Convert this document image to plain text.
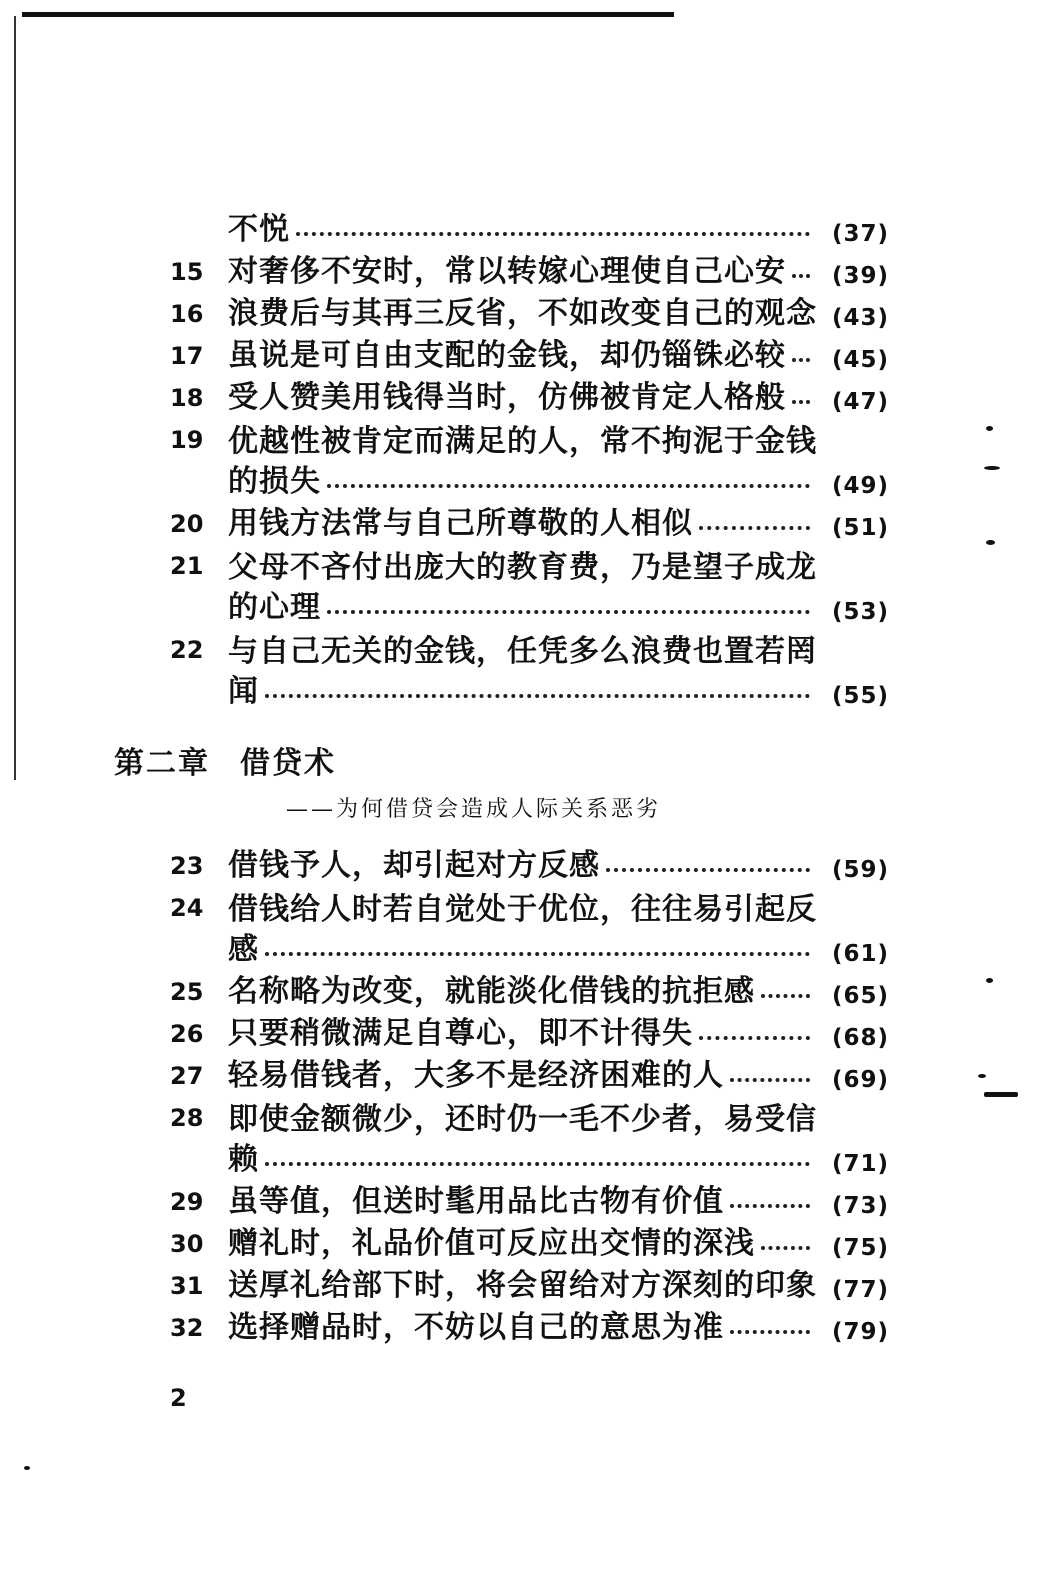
不悦	(37)
15 对奢侈不安时，常以转嫁心理使自己心安 (39)
16 浪费后与其再三反省，不如改变自己的观念 (43)
17 虽说是可自由支配的金钱，却仍锱铢必较 (45)
18 受人赞美用钱得当时，仿佛被肯定人格般 (47)
19 优越性被肯定而满足的人，常不拘泥于金钱
的损失	(49)
20 用钱方法常与自己所尊敬的人相似	(51)
21 父母不吝付出庞大的教育费，乃是望子成龙
的心理	(53)
22 与自己无关的金钱，任凭多么浪费也置若罔
闻	(55)
23 借钱予人，却引起对方反感	(59)
24 借钱给人时若自觉处于优位，往往易引起反
感	(61)
25 名称略为改变，就能淡化借钱的抗拒感	(65)
26 只要稍微满足自尊心，即不计得失	(68)
27 轻易借钱者，大多不是经济困难的人	(69)
28 即使金额微少，还时仍一毛不少者，易受信
赖	(71)
29 虽等值，但送时髦用品比古物有价值	(73)
30 赠礼时，礼品价值可反应出交情的深浅	(75)
31 送厚礼给部下时，将会留给对方深刻的印象 (77)
32 选择赠品时，不妨以自己的意思为准	(79)
第二章 借贷术
——为何借贷会造成人际关系恶劣
2
